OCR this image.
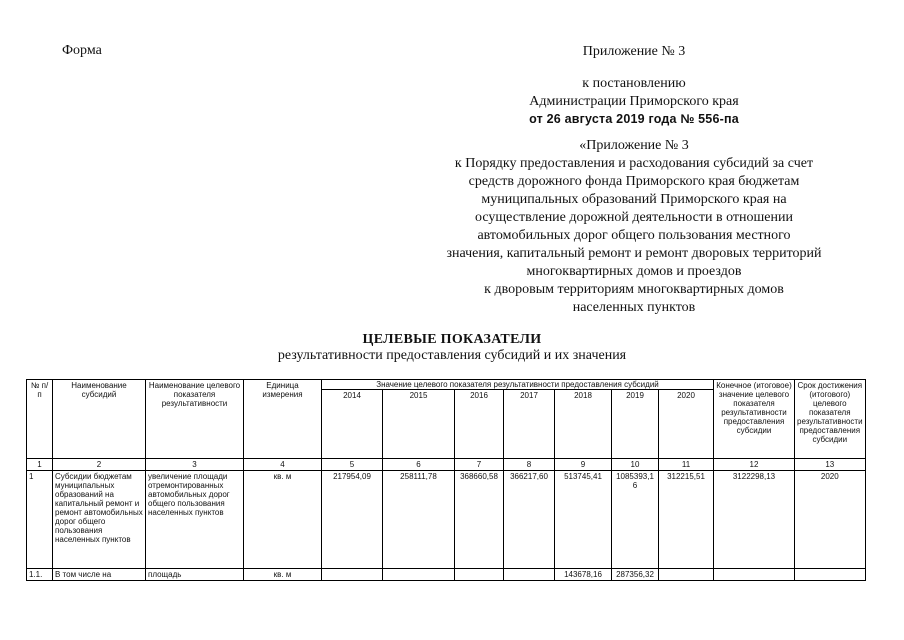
Форма	Приложение № 3
к постановлению
Администрации Приморского края
от 26 августа 2019 года № 556-па
«Приложение № 3
к Порядку предоставления и расходования субсидий за счет
средств дорожного фонда Приморского края бюджетам
муниципальных образований Приморского края на
осуществление дорожной деятельности в отношении
автомобильных дорог общего пользования местного
значения, капитальный ремонт и ремонт дворовых территорий
многоквартирных домов и проездов
к дворовым территориям многоквартирных домов
населенных пунктов
ЦЕЛЕВЫЕ ПОКАЗАТЕЛИ
результативности предоставления субсидий и их значения
№ п/п	Наименование субсидий	Наименование целевого показателя результативности	Единица измерения	Значение целевого показателя результативности предоставления субсидий							Конечное (итоговое) значение целевого показателя результативности предоставления субсидии	Срок достижения (итогового) целевого показателя результативности предоставления субсидии
				2014	2015	2016	2017	2018	2019	2020		
1	2	3	4	5	6	7	8	9	10	11	12	13
1	Субсидии бюджетам муниципальных образований на капитальный ремонт и ремонт автомобильных дорог общего пользования населенных пунктов	увеличение площади отремонтированных автомобильных дорог общего пользования населенных пунктов	кв. м	217954,09	258111,78	368660,58	366217,60	513745,41	1085393,16	312215,51	3122298,13	2020
1.1.	В том числе на	площадь	кв. м					143678,16	287356,32			
